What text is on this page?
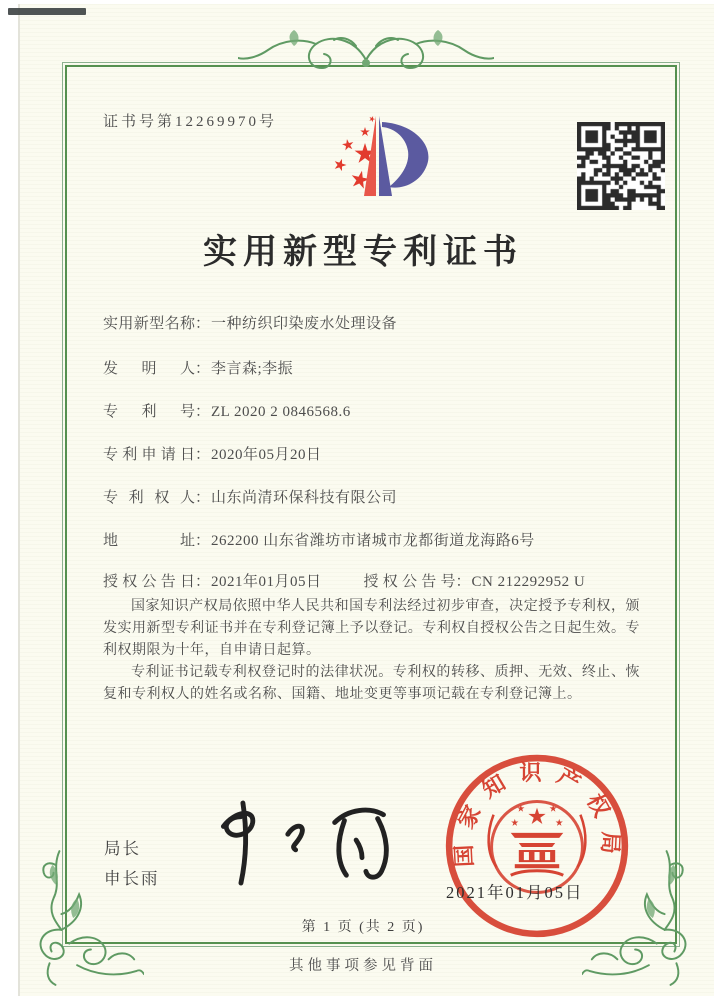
证书号第12269970号
实用新型专利证书
实用新型名称 ： 一种纺织印染废水处理设备
发明人 ： 李言森;李振
专利号 ： ZL 2020 2 0846568.6
专利申请日 ： 2020年05月20日
专利权人 ： 山东尚清环保科技有限公司
地址 ： 262200 山东省潍坊市诸城市龙都街道龙海路6号
授权公告日 ： 2021年01月05日	授权公告号 ： CN 212292952 U

国家知识产权局依照中华人民共和国专利法经过初步审查，决定授予专利权，颁发实用新型专利证书并在专利登记簿上予以登记。专利权自授权公告之日起生效。专利权期限为十年，自申请日起算。

专利证书记载专利权登记时的法律状况。专利权的转移、质押、无效、终止、恢复和专利权人的姓名或名称、国籍、地址变更等事项记载在专利登记簿上。

局长
申长雨
国家知识产权局
2021年01月05日
第 1 页 (共 2 页)
其他事项参见背面
